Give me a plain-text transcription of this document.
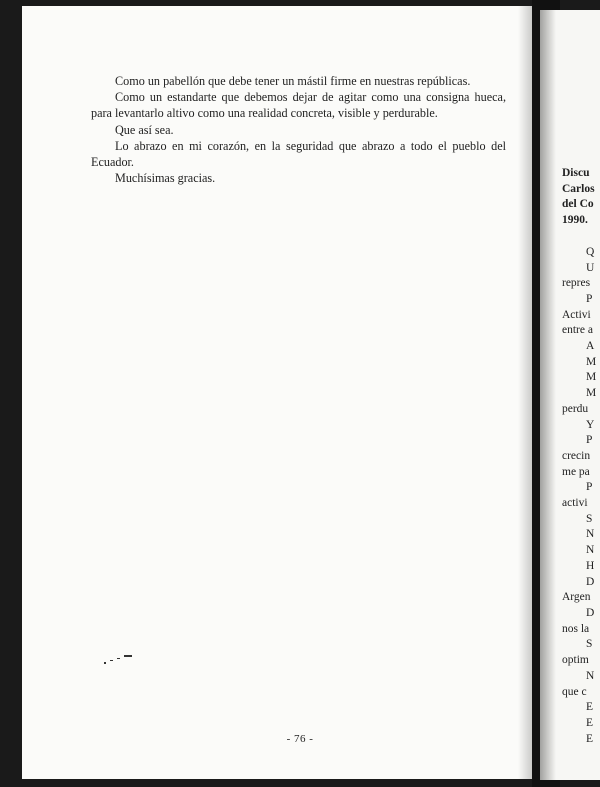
Como un pabellón que debe tener un mástil firme en nuestras repúblicas.

Como un estandarte que debemos dejar de agitar como una consigna hueca, para levantarlo altivo como una realidad concreta, visible y perdurable.

Que así sea.

Lo abrazo en mi corazón, en la seguridad que abrazo a todo el pueblo del Ecuador.

Muchísimas gracias.

- 76 -
Discu
Carlos
del Co
1990.
Q
U
repres
P
Activi
entre a
A
M
M
M
perdu
Y
P
crecin
me pa
P
activi
S
N
N
H
D
Argen
D
nos la
S
optim
N
que c
E
E
E
